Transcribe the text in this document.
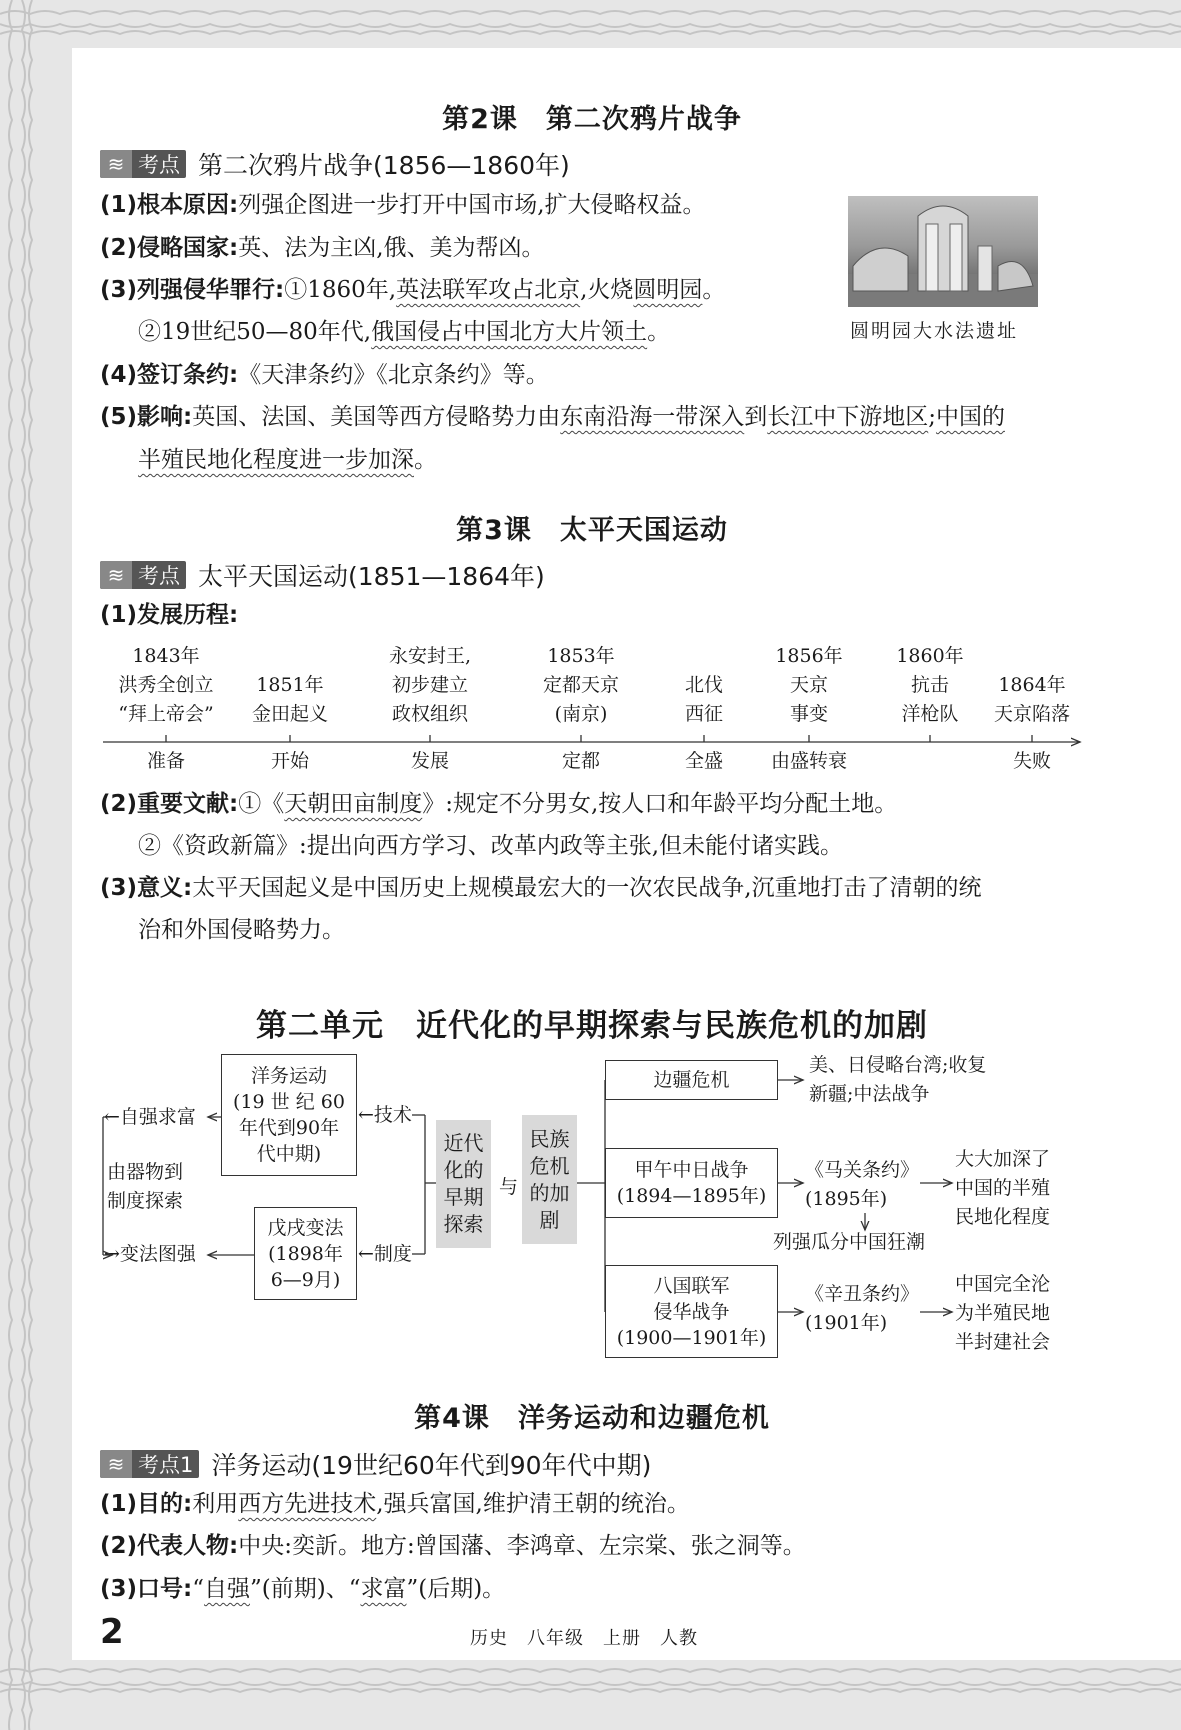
第2课　第二次鸦片战争
≋ 考点 第二次鸦片战争(1856—1860年)
(1)根本原因:列强企图进一步打开中国市场,扩大侵略权益。
(2)侵略国家:英、法为主凶,俄、美为帮凶。
(3)列强侵华罪行:①1860年,英法联军攻占北京,火烧圆明园。
②19世纪50—80年代,俄国侵占中国北方大片领土。
(4)签订条约:《天津条约》《北京条约》等。
(5)影响:英国、法国、美国等西方侵略势力由东南沿海一带深入到长江中下游地区;中国的
半殖民地化程度进一步加深。
圆明园大水法遗址
第3课　太平天国运动
≋ 考点 太平天国运动(1851—1864年)
(1)发展历程:
1843年
洪秀全创立
“拜上帝会”
准备
1851年
金田起义
开始
永安封王,
初步建立
政权组织
发展
1853年
定都天京
(南京)
定都
北伐
西征
全盛
1856年
天京
事变
由盛转衰
1860年
抗击
洋枪队
1864年
天京陷落
失败
(2)重要文献:①《天朝田亩制度》:规定不分男女,按人口和年龄平均分配土地。
②《资政新篇》:提出向西方学习、改革内政等主张,但未能付诸实践。
(3)意义:太平天国起义是中国历史上规模最宏大的一次农民战争,沉重地打击了清朝的统
治和外国侵略势力。
第二单元　近代化的早期探索与民族危机的加剧
洋务运动
(19 世 纪 60
年代到90年
代中期)
戊戌变法
(1898年
6—9月)
←自强求富
→变法图强
由器物到
制度探索
←技术
←制度
近代
化的
早期
探索
与
民族
危机
的加
剧
边疆危机
甲午中日战争
(1894—1895年)
八国联军
侵华战争
(1900—1901年)
美、日侵略台湾;收复
新疆;中法战争
《马关条约》
(1895年)
大大加深了
中国的半殖
民地化程度
列强瓜分中国狂潮
《辛丑条约》
(1901年)
中国完全沦
为半殖民地
半封建社会
第4课　洋务运动和边疆危机
≋ 考点1 洋务运动(19世纪60年代到90年代中期)
(1)目的:利用西方先进技术,强兵富国,维护清王朝的统治。
(2)代表人物:中央:奕訢。地方:曾国藩、李鸿章、左宗棠、张之洞等。
(3)口号:“自强”(前期)、“求富”(后期)。
2	历史　八年级　上册　人教
